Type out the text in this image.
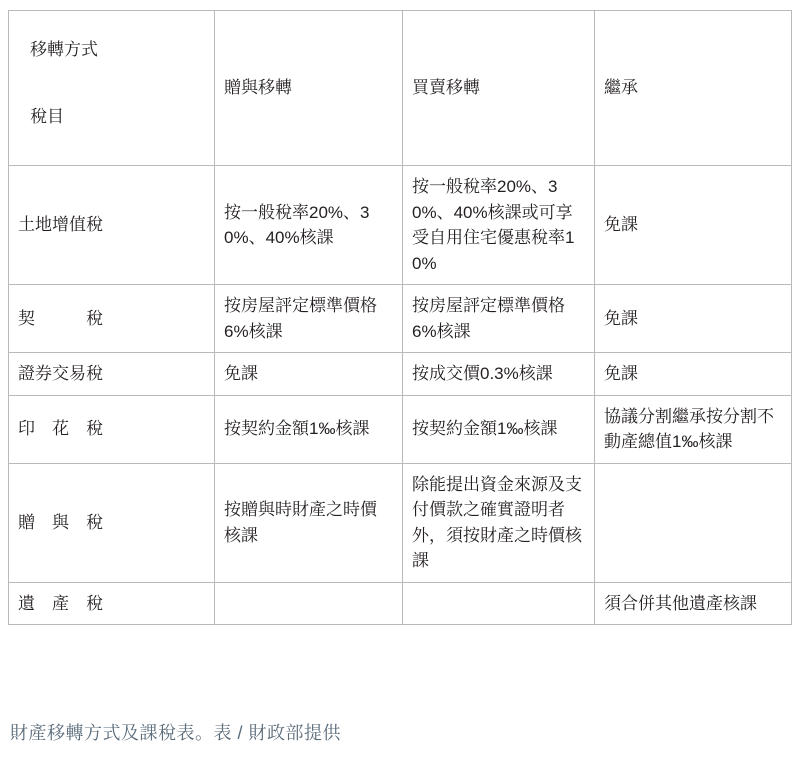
移轉方式
稅目	贈與移轉	買賣移轉	繼承
土地增值稅	按一般稅率20%、30%、40%核課	按一般稅率20%、30%、40%核課或可享受自用住宅優惠稅率10%	免課
契　　　稅	按房屋評定標準價格6%核課	按房屋評定標準價格6%核課	免課
證券交易稅	免課	按成交價0.3%核課	免課
印　花　稅	按契約金額1‰核課	按契約金額1‰核課	協議分割繼承按分割不動產總值1‰核課
贈　與　稅	按贈與時財產之時價核課	除能提出資金來源及支付價款之確實證明者外，須按財產之時價核課	
遺　產　稅			須合併其他遺產核課
財產移轉方式及課稅表。表 / 財政部提供
